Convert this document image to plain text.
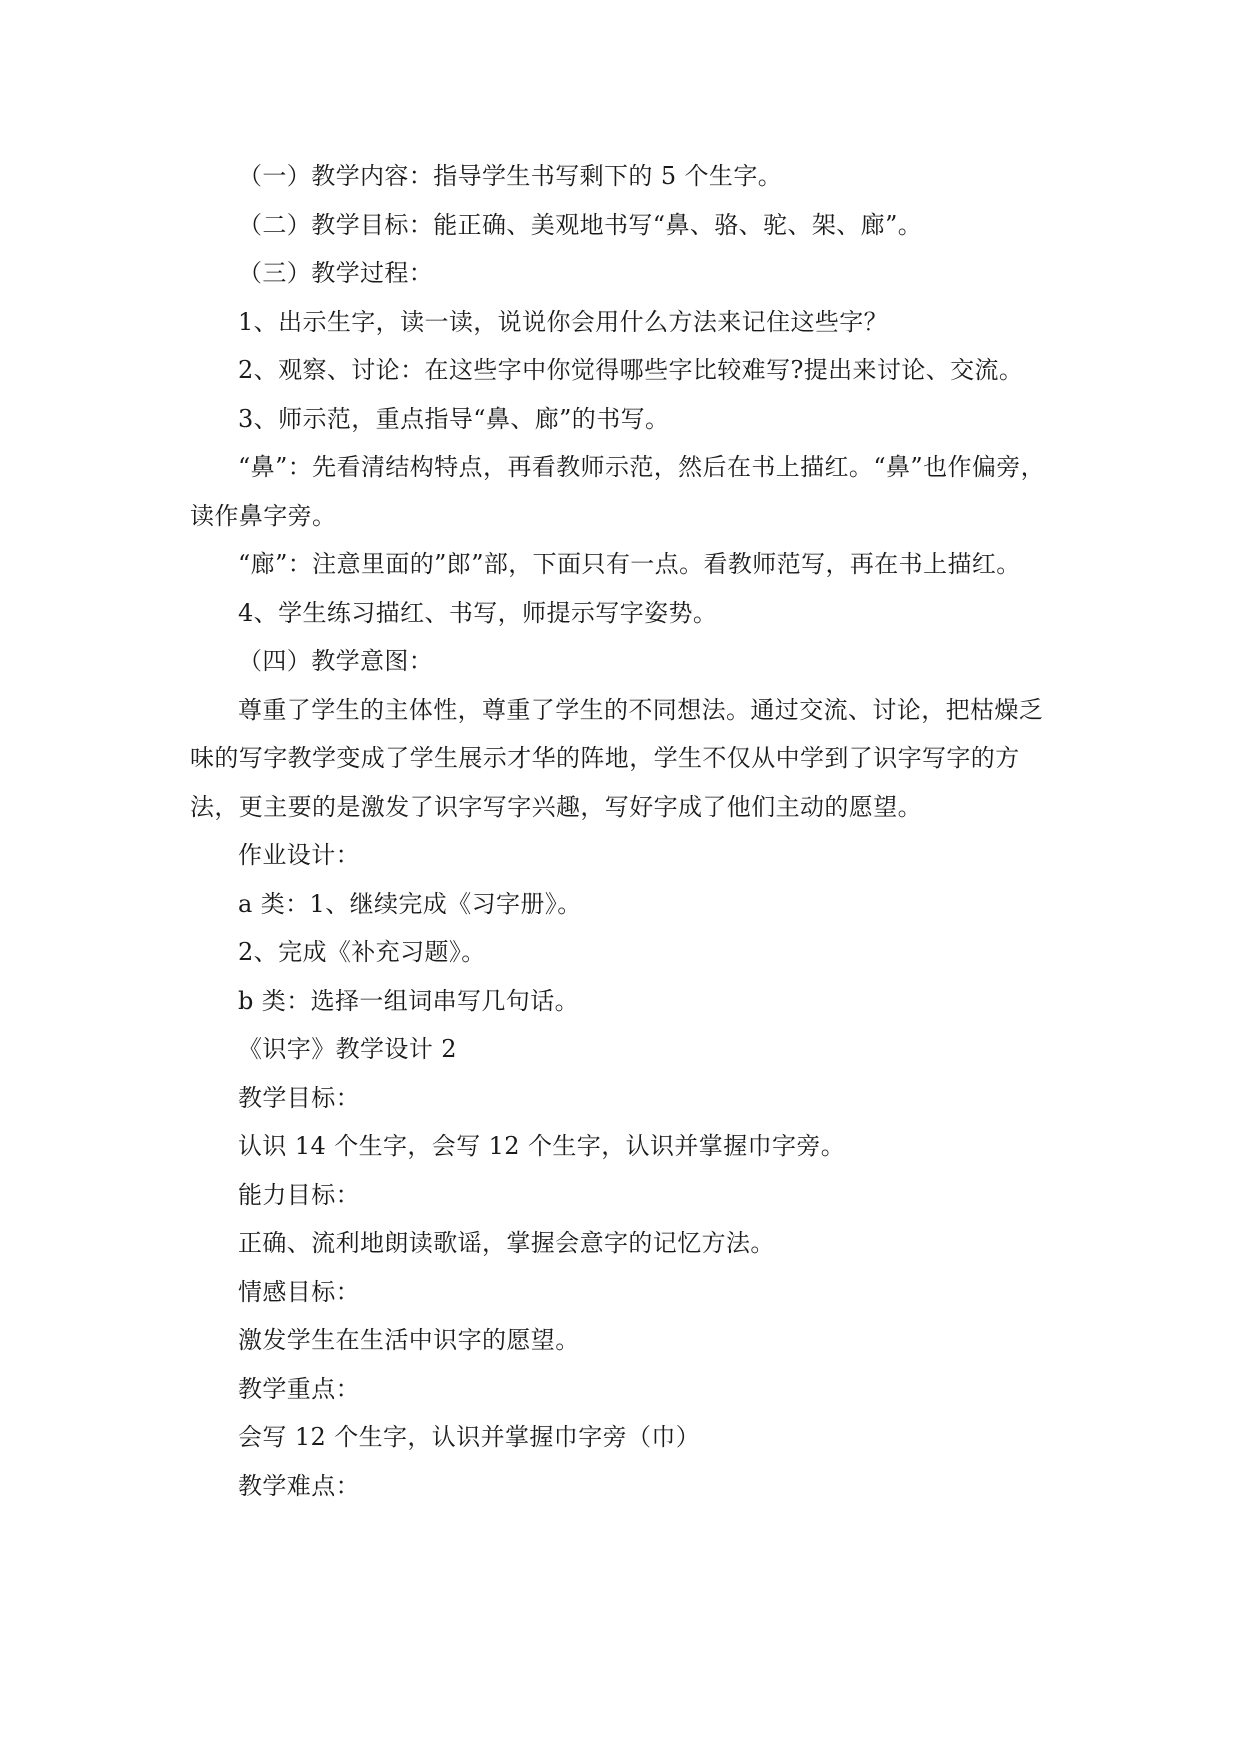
（一）教学内容：指导学生书写剩下的 5 个生字。

（二）教学目标：能正确、美观地书写“鼻、骆、驼、架、廊”。

（三）教学过程：

1、出示生字，读一读，说说你会用什么方法来记住这些字？

2、观察、讨论：在这些字中你觉得哪些字比较难写?提出来讨论、交流。

3、师示范，重点指导“鼻、廊”的书写。

“鼻”：先看清结构特点，再看教师示范，然后在书上描红。“鼻”也作偏旁，读作鼻字旁。

“廊”：注意里面的”郎”部，下面只有一点。看教师范写，再在书上描红。

4、学生练习描红、书写，师提示写字姿势。

（四）教学意图：

尊重了学生的主体性，尊重了学生的不同想法。通过交流、讨论，把枯燥乏味的写字教学变成了学生展示才华的阵地，学生不仅从中学到了识字写字的方法，更主要的是激发了识字写字兴趣，写好字成了他们主动的愿望。

作业设计：

a 类：1、继续完成《习字册》。

2、完成《补充习题》。

b 类：选择一组词串写几句话。

《识字》教学设计 2

教学目标：

认识 14 个生字，会写 12 个生字，认识并掌握巾字旁。

能力目标：

正确、流利地朗读歌谣，掌握会意字的记忆方法。

情感目标：

激发学生在生活中识字的愿望。

教学重点：

会写 12 个生字，认识并掌握巾字旁（巾）

教学难点：
